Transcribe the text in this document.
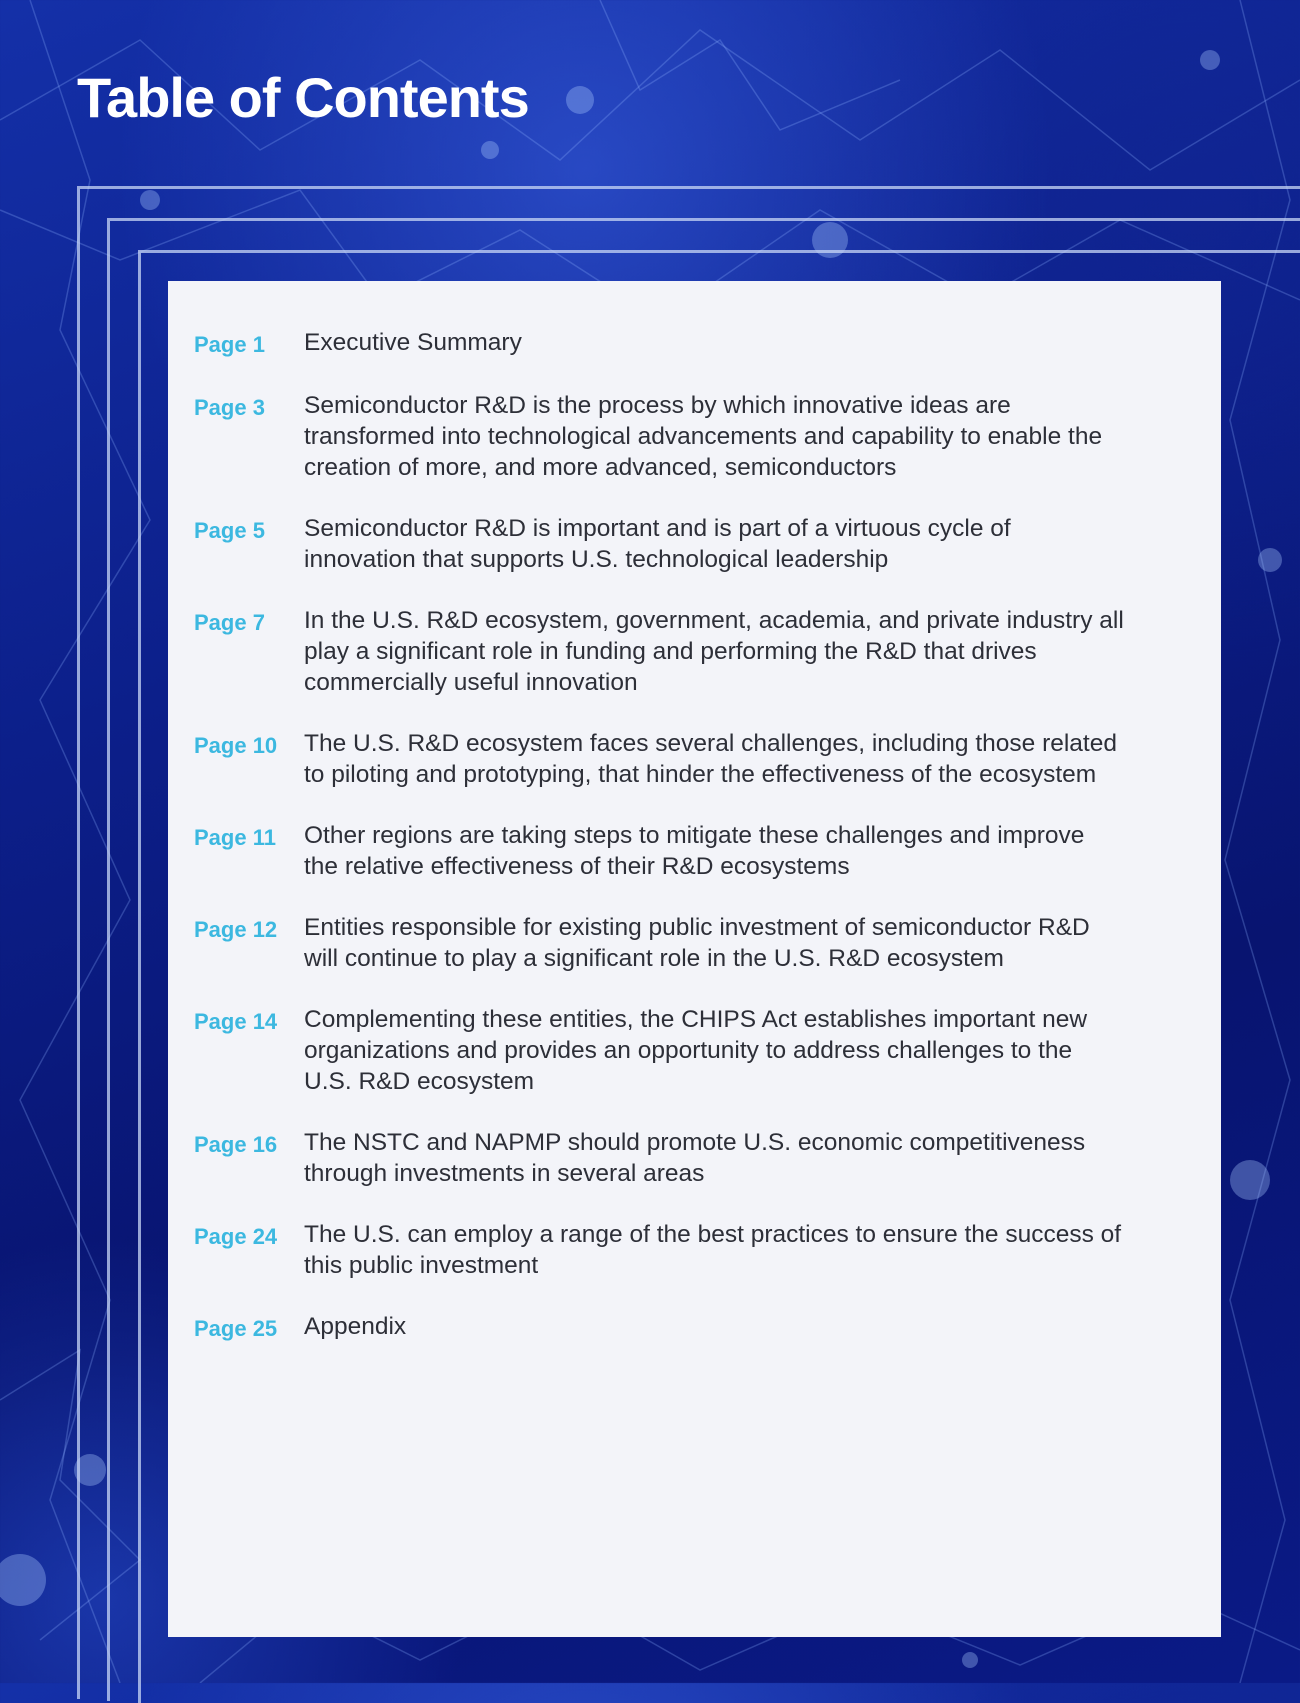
Table of Contents
Page 1	Executive Summary
Page 3	Semiconductor R&D is the process by which innovative ideas are transformed into technological advancements and capability to enable the creation of more, and more advanced, semiconductors
Page 5	Semiconductor R&D is important and is part of a virtuous cycle of innovation that supports U.S. technological leadership
Page 7	In the U.S. R&D ecosystem, government, academia, and private industry all play a significant role in funding and performing the R&D that drives commercially useful innovation
Page 10	The U.S. R&D ecosystem faces several challenges, including those related to piloting and prototyping, that hinder the effectiveness of the ecosystem
Page 11	Other regions are taking steps to mitigate these challenges and improve the relative effectiveness of their R&D ecosystems
Page 12	Entities responsible for existing public investment of semiconductor R&D will continue to play a significant role in the U.S. R&D ecosystem
Page 14	Complementing these entities, the CHIPS Act establishes important new organizations and provides an opportunity to address challenges to the U.S. R&D ecosystem
Page 16	The NSTC and NAPMP should promote U.S. economic competitiveness through investments in several areas
Page 24	The U.S. can employ a range of the best practices to ensure the success of this public investment
Page 25	Appendix
